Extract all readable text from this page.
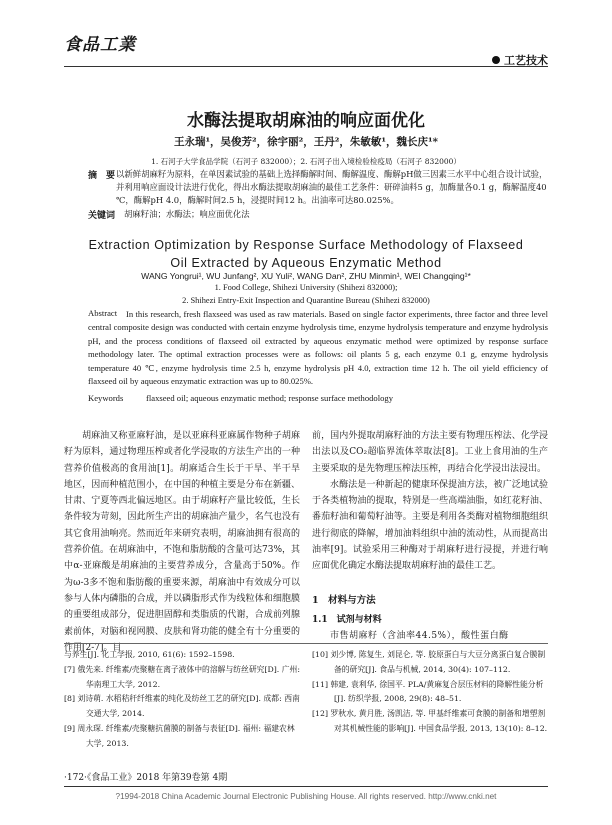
食品工業
工艺技术
水酶法提取胡麻油的响应面优化
王永瑞¹，吴俊芳²，徐宇丽²，王丹²，朱敏敏¹，魏长庆¹*
1. 石河子大学食品学院（石河子 832000）；2. 石河子出入境检验检疫局（石河子 832000）
摘　要 以新鲜胡麻籽为原料，在单因素试验的基础上选择酶解时间、酶解温度、酶解pH做三因素三水平中心组合设计试验，并利用响应面设计法进行优化，得出水酶法提取胡麻油的最佳工艺条件：研碎油料5 g，加酶量各0.1 g，酶解温度40 ℃，酶解pH 4.0，酶解时间2.5 h，浸提时间12 h。出油率可达80.025%。
关键词 胡麻籽油；水酶法；响应面优化法
Extraction Optimization by Response Surface Methodology of Flaxseed
Oil Extracted by Aqueous Enzymatic Method
WANG Yongrui¹, WU Junfang², XU Yuli², WANG Dan², ZHU Minmin¹, WEI Changqing¹*
1. Food College, Shihezi University (Shihezi 832000);
2. Shihezi Entry-Exit Inspection and Quarantine Bureau (Shihezi 832000)
Abstract	In this research, fresh flaxseed was used as raw materials. Based on single factor experiments, three factor and three level central composite design was conducted with certain enzyme hydrolysis time, enzyme hydrolysis temperature and enzyme hydrolysis pH, and the process conditions of flaxseed oil extracted by aqueous enzymatic method were optimized by response surface methodology later. The optimal extraction processes were as follows: oil plants 5 g, each enzyme 0.1 g, enzyme hydrolysis temperature 40 ℃, enzyme hydrolysis time 2.5 h, enzyme hydrolysis pH 4.0, extraction time 12 h. The oil yield efficiency of flaxseed oil by aqueous enzymatic extraction was up to 80.025%.
Keywords	flaxseed oil; aqueous enzymatic method; response surface methodology

胡麻油又称亚麻籽油，是以亚麻科亚麻属作物种子胡麻籽为原料，通过物理压榨或者化学浸取的方法生产出的一种营养价值极高的食用油[1]。胡麻适合生长于干旱、半干旱地区，因而种植范围小，在中国的种植主要是分布在新疆、甘肃、宁夏等西北偏远地区。由于胡麻籽产量比较低，生长条件较为苛刻，因此所生产出的胡麻油产量少，名气也没有其它食用油响亮。然而近年来研究表明，胡麻油拥有很高的营养价值。在胡麻油中，不饱和脂肪酸的含量可达73%，其中α-亚麻酸是胡麻油的主要营养成分，含量高于50%。作为ω-3多不饱和脂肪酸的重要来源，胡麻油中有效成分可以参与人体内磷脂的合成，并以磷脂形式作为线粒体和细胞膜的重要组成部分，促进胆固醇和类脂质的代谢，合成前列腺素前体，对脑和视网膜、皮肤和肾功能的健全有十分重要的作用[2-7]。目

前，国内外提取胡麻籽油的方法主要有物理压榨法、化学浸出法以及CO₂超临界流体萃取法[8]。工业上食用油的生产主要采取的是先物理压榨法压榨，再结合化学浸出法浸出。

水酶法是一种新起的健康环保提油方法，被广泛地试验于各类植物油的提取，特别是一些高端油脂，如红花籽油、番茄籽油和葡萄籽油等。主要是利用各类酶对植物细胞组织进行彻底的降解，增加油料组织中油的流动性，从而提高出油率[9]。试验采用三种酶对于胡麻籽进行浸提，并进行响应面优化确定水酶法提取胡麻籽油的最佳工艺。

1　材料与方法
1.1　试剂与材料
市售胡麻籽（含油率44.5%），酸性蛋白酶
与养生[J]. 化工学报, 2010, 61(6): 1592–1598.
[7] 俄先来. 纤维素/壳聚糖在离子液体中的溶解与纺丝研究[D]. 广州: 华南理工大学, 2012.
[8] 刘诗萌. 水稻秸秆纤维素的纯化及纺丝工艺的研究[D]. 成都: 西南交通大学, 2014.
[9] 周永琛. 纤维素/壳聚糖抗菌膜的制备与表征[D]. 福州: 福建农林大学, 2013.
[10] 刘少博, 陈复生, 刘昆仑, 等. 胶原蛋白与大豆分离蛋白复合膜制备的研究[J]. 食品与机械, 2014, 30(4): 107–112.
[11] 韩建, 袁利华, 徐国平. PLA/黄麻复合层压材料的降解性能分析[J]. 纺织学报, 2008, 29(8): 48–51.
[12] 罗秋水, 黄月胜, 汤凯洁, 等. 甲基纤维素可食膜的制备和增塑剂对其机械性能的影响[J]. 中国食品学报, 2013, 13(10): 8–12.
·172·《食品工业》2018 年第39卷第 4期
?1994-2018 China Academic Journal Electronic Publishing House. All rights reserved. http://www.cnki.net
